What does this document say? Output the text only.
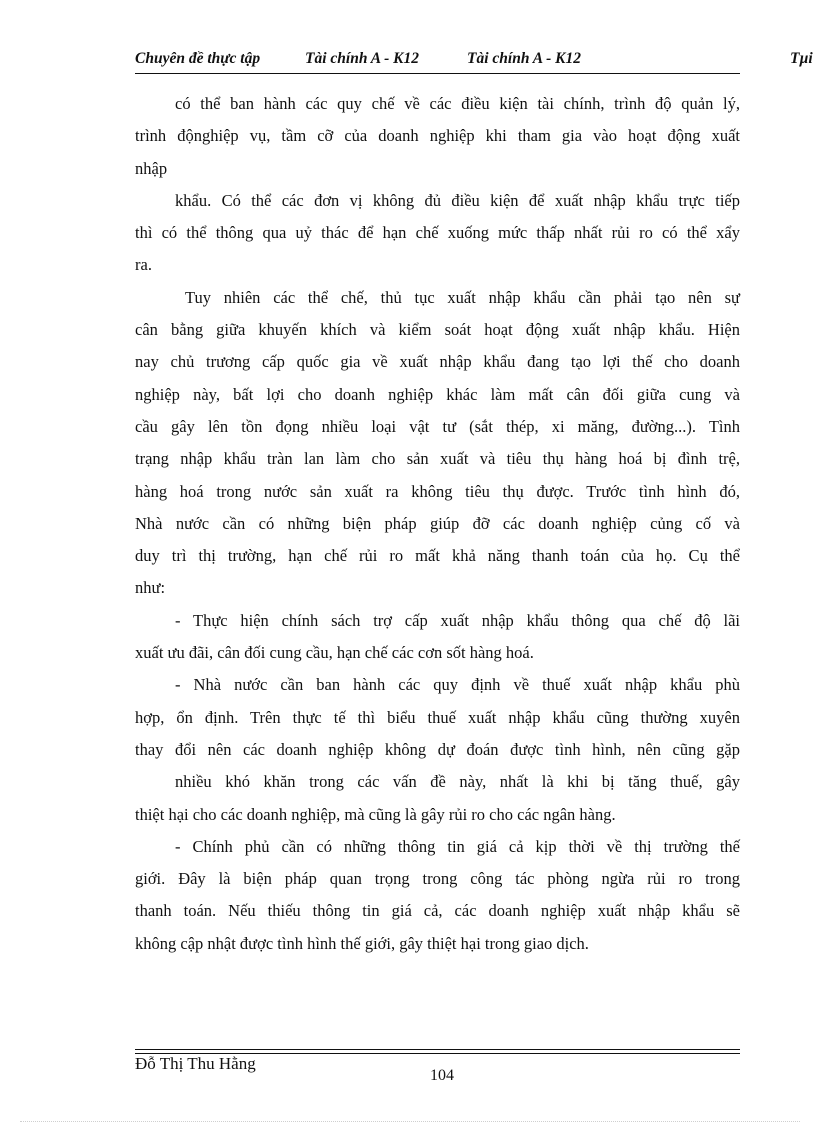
Chuyên đề thực tập	Tài chính A - K12	Tài chính A - K12	Tµi
có thể ban hành các quy chế về các điều kiện tài chính, trình độ quản lý,
trình độnghiệp vụ, tầm cỡ của doanh nghiệp khi tham gia vào hoạt động xuất
nhập
khẩu. Có thể các đơn vị không đủ điều kiện để xuất nhập khẩu trực tiếp
thì có thể thông qua uỷ thác để hạn chế xuống mức thấp nhất rủi ro có thể xẩy
ra.
Tuy nhiên các thể chế, thủ tục xuất nhập khẩu cần phải tạo nên sự
cân bằng giữa khuyến khích và kiểm soát hoạt động xuất nhập khẩu. Hiện
nay chủ trương cấp quốc gia về xuất nhập khẩu đang tạo lợi thế cho doanh
nghiệp này, bất lợi cho doanh nghiệp khác làm mất cân đối giữa cung và
cầu gây lên tồn đọng nhiều loại vật tư (sắt thép, xi măng, đường...). Tình
trạng nhập khẩu tràn lan làm cho sản xuất và tiêu thụ hàng hoá bị đình trệ,
hàng hoá trong nước sản xuất ra không tiêu thụ được. Trước tình hình đó,
Nhà nước cần có những biện pháp giúp đỡ các doanh nghiệp củng cố và
duy trì thị trường, hạn chế rủi ro mất khả năng thanh toán của họ. Cụ thể
như:
- Thực hiện chính sách trợ cấp xuất nhập khẩu thông qua chế độ lãi
xuất ưu đãi, cân đối cung cầu, hạn chế các cơn sốt hàng hoá.
- Nhà nước cần ban hành các quy định về thuế xuất nhập khẩu phù
hợp, ổn định. Trên thực tế thì biểu thuế xuất nhập khẩu cũng thường xuyên
thay đổi nên các doanh nghiệp không dự đoán được tình hình, nên cũng gặp
nhiều khó khăn trong các vấn đề này, nhất là khi bị tăng thuế, gây
thiệt hại cho các doanh nghiệp, mà cũng là gây rủi ro cho các ngân hàng.
- Chính phủ cần có những thông tin giá cả kịp thời về thị trường thế
giới. Đây là biện pháp quan trọng trong công tác phòng ngừa rủi ro trong
thanh toán. Nếu thiếu thông tin giá cả, các doanh nghiệp xuất nhập khẩu sẽ
không cập nhật được tình hình thế giới, gây thiệt hại trong giao dịch.
Đỗ Thị Thu Hằng
104
